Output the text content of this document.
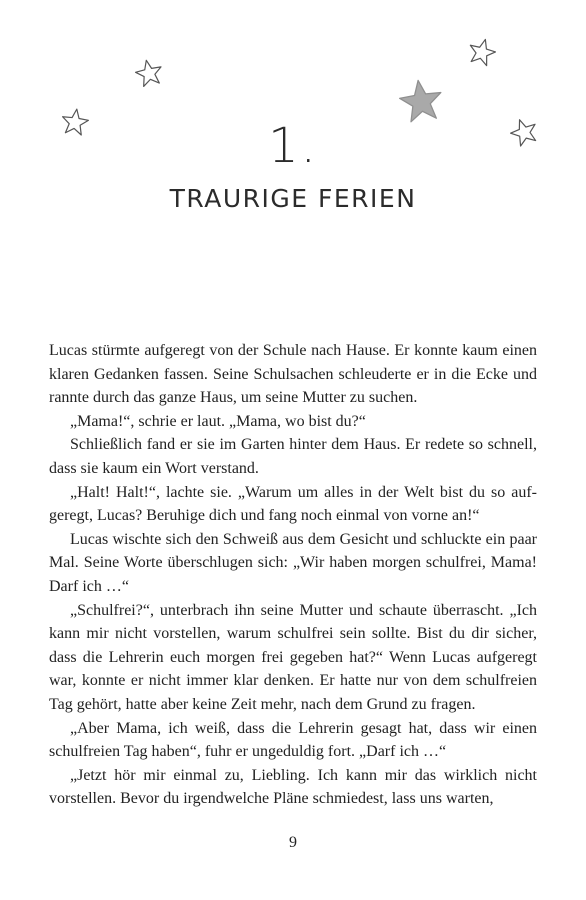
1.
TRAURIGE FERIEN

Lucas stürmte aufgeregt von der Schule nach Hause. Er konnte kaum einen klaren Gedanken fassen. Seine Schulsachen schleuderte er in die Ecke und rannte durch das ganze Haus, um seine Mutter zu suchen.

„Mama!“, schrie er laut. „Mama, wo bist du?“

Schließlich fand er sie im Garten hinter dem Haus. Er redete so schnell, dass sie kaum ein Wort verstand.

„Halt! Halt!“, lachte sie. „Warum um alles in der Welt bist du so aufgeregt, Lucas? Beruhige dich und fang noch einmal von vorne an!“

Lucas wischte sich den Schweiß aus dem Gesicht und schluckte ein paar Mal. Seine Worte überschlugen sich: „Wir haben morgen schulfrei, Mama! Darf ich …“

„Schulfrei?“, unterbrach ihn seine Mutter und schaute überrascht. „Ich kann mir nicht vorstellen, warum schulfrei sein sollte. Bist du dir sicher, dass die Lehrerin euch morgen frei gegeben hat?“ Wenn Lucas aufgeregt war, konnte er nicht immer klar denken. Er hatte nur von dem schulfreien Tag gehört, hatte aber keine Zeit mehr, nach dem Grund zu fragen.

„Aber Mama, ich weiß, dass die Lehrerin gesagt hat, dass wir einen schulfreien Tag haben“, fuhr er ungeduldig fort. „Darf ich …“

„Jetzt hör mir einmal zu, Liebling. Ich kann mir das wirklich nicht vorstellen. Bevor du irgendwelche Pläne schmiedest, lass uns warten,

9
